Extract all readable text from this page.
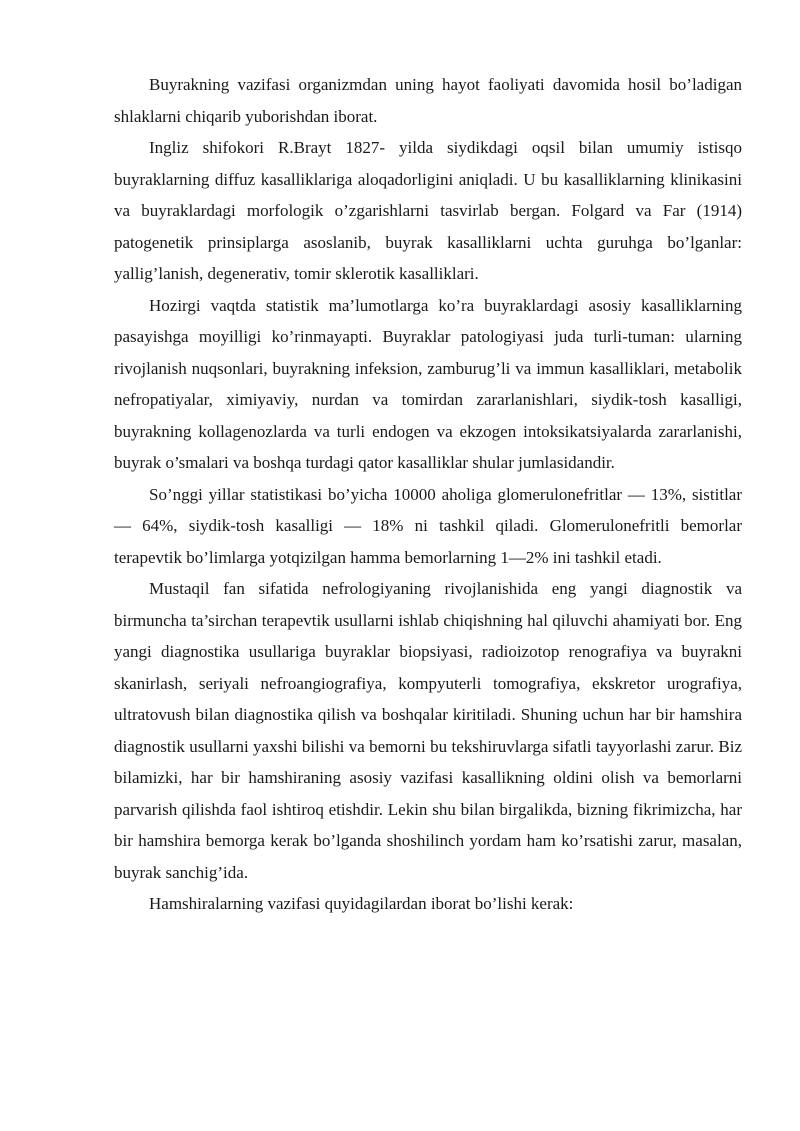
Buyrakning vazifasi organizmdan uning hayot faoliyati davomida hosil bo’ladigan shlaklarni chiqarib yuborishdan iborat.

Ingliz shifokori R.Brayt 1827- yilda siydikdagi oqsil bilan umumiy istisqo buyraklarning diffuz kasalliklariga aloqadorligini aniqladi. U bu kasalliklarning klinikasini va buyraklardagi morfologik o’zgarishlarni tasvirlab bergan. Folgard va Far (1914) patogenetik prinsiplarga asoslanib, buyrak kasalliklarni uchta guruhga bo’lganlar: yallig’lanish, degenerativ, tomir sklerotik kasalliklari.

Hozirgi vaqtda statistik ma’lumotlarga ko’ra buyraklardagi asosiy kasalliklarning pasayishga moyilligi ko’rinmayapti. Buyraklar patologiyasi juda turli-tuman: ularning rivojlanish nuqsonlari, buyrakning infeksion, zamburug’li va immun kasalliklari, metabolik nefropatiyalar, ximiyaviy, nurdan va tomirdan zararlanishlari, siydik-tosh kasalligi, buyrakning kollagenozlarda va turli endogen va ekzogen intoksikatsiyalarda zararlanishi, buyrak o’smalari va boshqa turdagi qator kasalliklar shular jumlasidandir.

So’nggi yillar statistikasi bo’yicha 10000 aholiga glomerulonefritlar — 13%, sistitlar — 64%, siydik-tosh kasalligi — 18% ni tashkil qiladi. Glomerulonefritli bemorlar terapevtik bo’limlarga yotqizilgan hamma bemorlarning 1—2% ini tashkil etadi.

Mustaqil fan sifatida nefrologiyaning rivojlanishida eng yangi diagnostik va birmuncha ta’sirchan terapevtik usullarni ishlab chiqishning hal qiluvchi ahamiyati bor. Eng yangi diagnostika usullariga buyraklar biopsiyasi, radioizotop renografiya va buyrakni skanirlash, seriyali nefroangiografiya, kompyuterli tomografiya, ekskretor urografiya, ultratovush bilan diagnostika qilish va boshqalar kiritiladi. Shuning uchun har bir hamshira diagnostik usullarni yaxshi bilishi va bemorni bu tekshiruvlarga sifatli tayyorlashi zarur. Biz bilamizki, har bir hamshiraning asosiy vazifasi kasallikning oldini olish va bemorlarni parvarish qilishda faol ishtiroq etishdir. Lekin shu bilan birgalikda, bizning fikrimizcha, har bir hamshira bemorga kerak bo’lganda shoshilinch yordam ham ko’rsatishi zarur, masalan, buyrak sanchig’ida.

Hamshiralarning vazifasi quyidagilardan iborat bo’lishi kerak:
